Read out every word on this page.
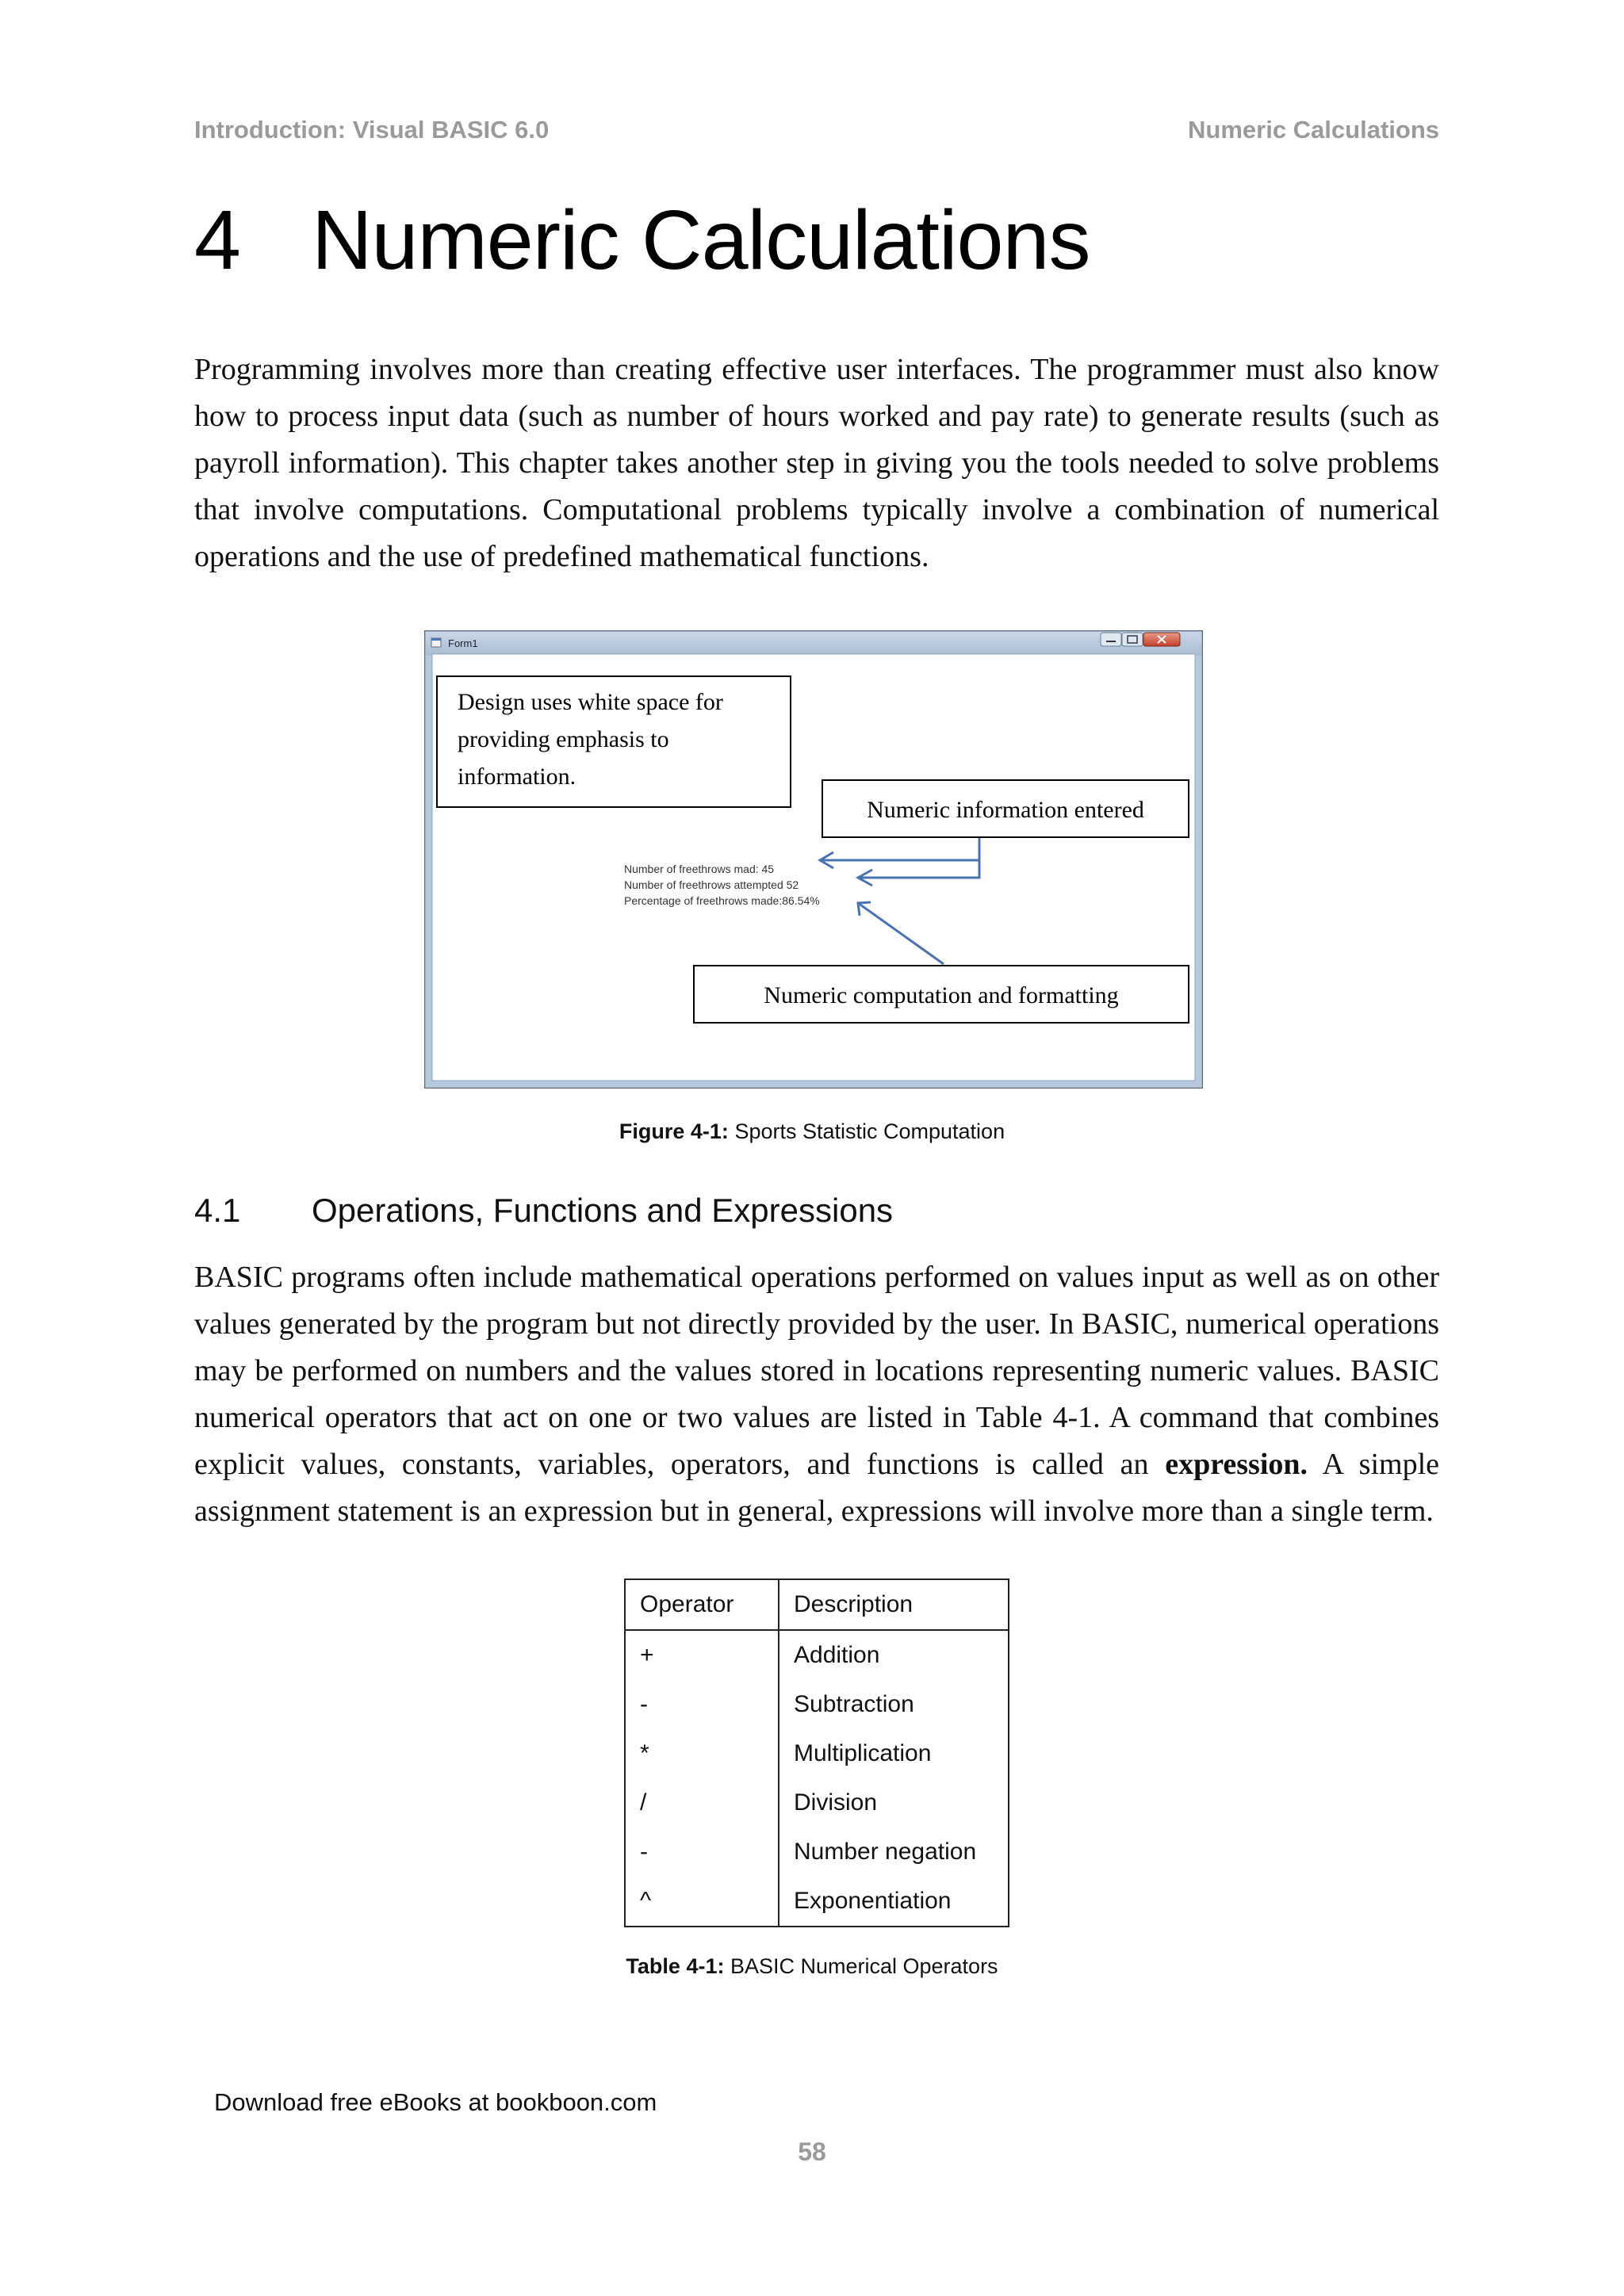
Introduction: Visual BASIC 6.0	Numeric Calculations
4 Numeric Calculations

Programming involves more than creating effective user interfaces. The programmer must also know how to process input data (such as number of hours worked and pay rate) to generate results (such as payroll information). This chapter takes another step in giving you the tools needed to solve problems that involve computations. Computational problems typically involve a combination of numerical operations and the use of predefined mathematical functions.

Form1
Design uses white space for
providing emphasis to
information.
Numeric information entered
Number of freethrows mad: 45
Number of freethrows attempted 52
Percentage of freethrows made:86.54%
Numeric computation and formatting
Figure 4-1: Sports Statistic Computation
4.1 Operations, Functions and Expressions

BASIC programs often include mathematical operations performed on values input as well as on other values generated by the program but not directly provided by the user. In BASIC, numerical operations may be performed on numbers and the values stored in locations representing numeric values. BASIC numerical operators that act on one or two values are listed in Table 4-1. A command that combines explicit values, constants, variables, operators, and functions is called an expression. A simple assignment statement is an expression but in general, expressions will involve more than a single term.

Operator	Description
+	Addition
-	Subtraction
*	Multiplication
/	Division
-	Number negation
^	Exponentiation
Table 4-1: BASIC Numerical Operators
Download free eBooks at bookboon.com
58
